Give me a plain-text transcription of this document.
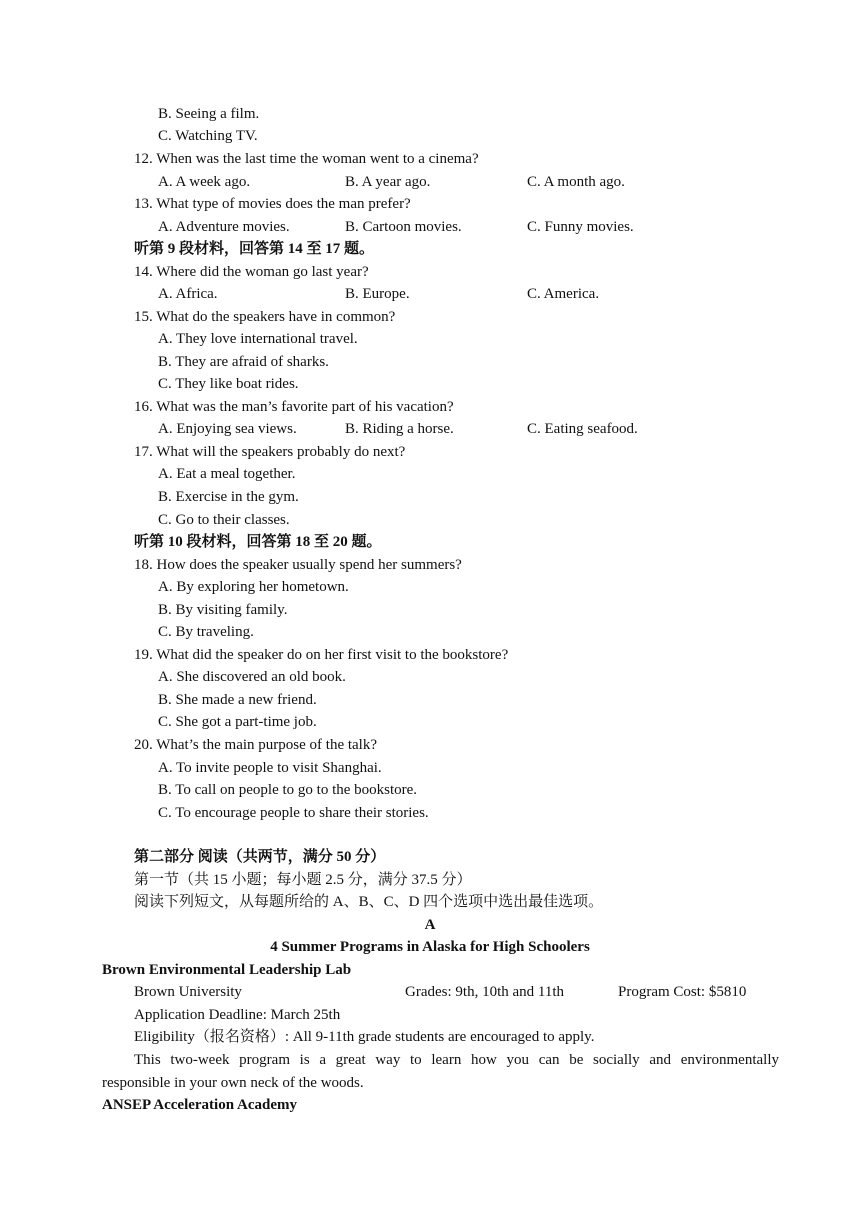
B. Seeing a film.
C. Watching TV.
12. When was the last time the woman went to a cinema?
A. A week ago.	B. A year ago.	C. A month ago.
13. What type of movies does the man prefer?
A. Adventure movies.	B. Cartoon movies.	C. Funny movies.
听第 9 段材料，回答第 14 至 17 题。
14. Where did the woman go last year?
A. Africa.	B. Europe.	C. America.
15. What do the speakers have in common?
A. They love international travel.
B. They are afraid of sharks.
C. They like boat rides.
16. What was the man’s favorite part of his vacation?
A. Enjoying sea views.	B. Riding a horse.	C. Eating seafood.
17. What will the speakers probably do next?
A. Eat a meal together.
B. Exercise in the gym.
C. Go to their classes.
听第 10 段材料，回答第 18 至 20 题。
18. How does the speaker usually spend her summers?
A. By exploring her hometown.
B. By visiting family.
C. By traveling.
19. What did the speaker do on her first visit to the bookstore?
A. She discovered an old book.
B. She made a new friend.
C. She got a part-time job.
20. What’s the main purpose of the talk?
A. To invite people to visit Shanghai.
B. To call on people to go to the bookstore.
C. To encourage people to share their stories.
第二部分 阅读（共两节，满分 50 分）
第一节（共 15 小题；每小题 2.5 分，满分 37.5 分）
阅读下列短文，从每题所给的 A、B、C、D 四个选项中选出最佳选项。
A
4 Summer Programs in Alaska for High Schoolers
Brown Environmental Leadership Lab
Brown University	Grades: 9th, 10th and 11th	Program Cost: $5810
Application Deadline: March 25th
Eligibility（报名资格）: All 9-11th grade students are encouraged to apply.
This two-week program is a great way to learn how you can be socially and environmentally
responsible in your own neck of the woods.
ANSEP Acceleration Academy
